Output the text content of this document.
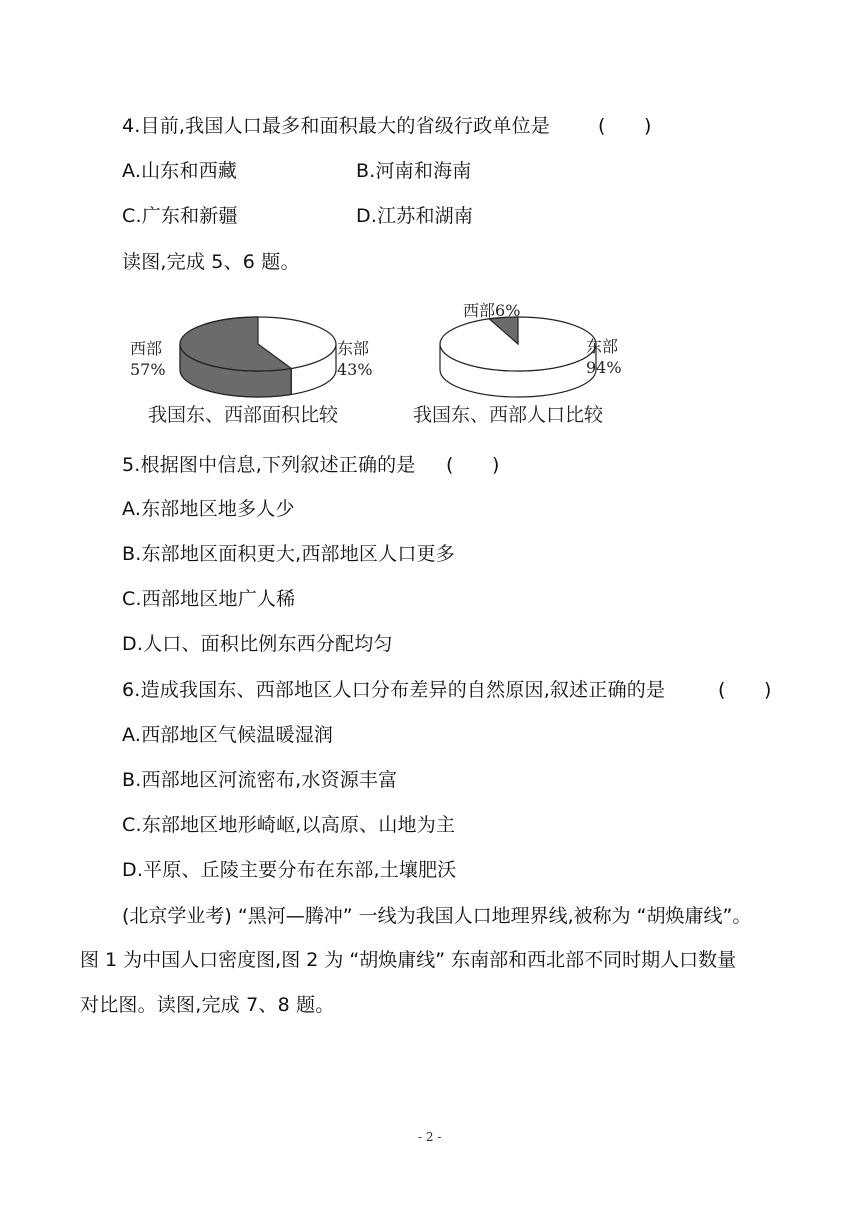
4.目前,我国人口最多和面积最大的省级行政单位是	(　　)
A.山东和西藏	B.河南和海南
C.广东和新疆	D.江苏和湖南
读图,完成 5、6 题。
西部
57%
东部
43%
我国东、西部面积比较
西部6%
东部
94%
我国东、西部人口比较
5.根据图中信息,下列叙述正确的是 (　　)
A.东部地区地多人少
B.东部地区面积更大,西部地区人口更多
C.西部地区地广人稀
D.人口、面积比例东西分配均匀
6.造成我国东、西部地区人口分布差异的自然原因,叙述正确的是	(　　)
A.西部地区气候温暖湿润
B.西部地区河流密布,水资源丰富
C.东部地区地形崎岖,以高原、山地为主
D.平原、丘陵主要分布在东部,土壤肥沃
(北京学业考) “黑河—腾冲” 一线为我国人口地理界线,被称为 “胡焕庸线”。
图 1 为中国人口密度图,图 2 为 “胡焕庸线” 东南部和西北部不同时期人口数量
对比图。读图,完成 7、8 题。
- 2 -
